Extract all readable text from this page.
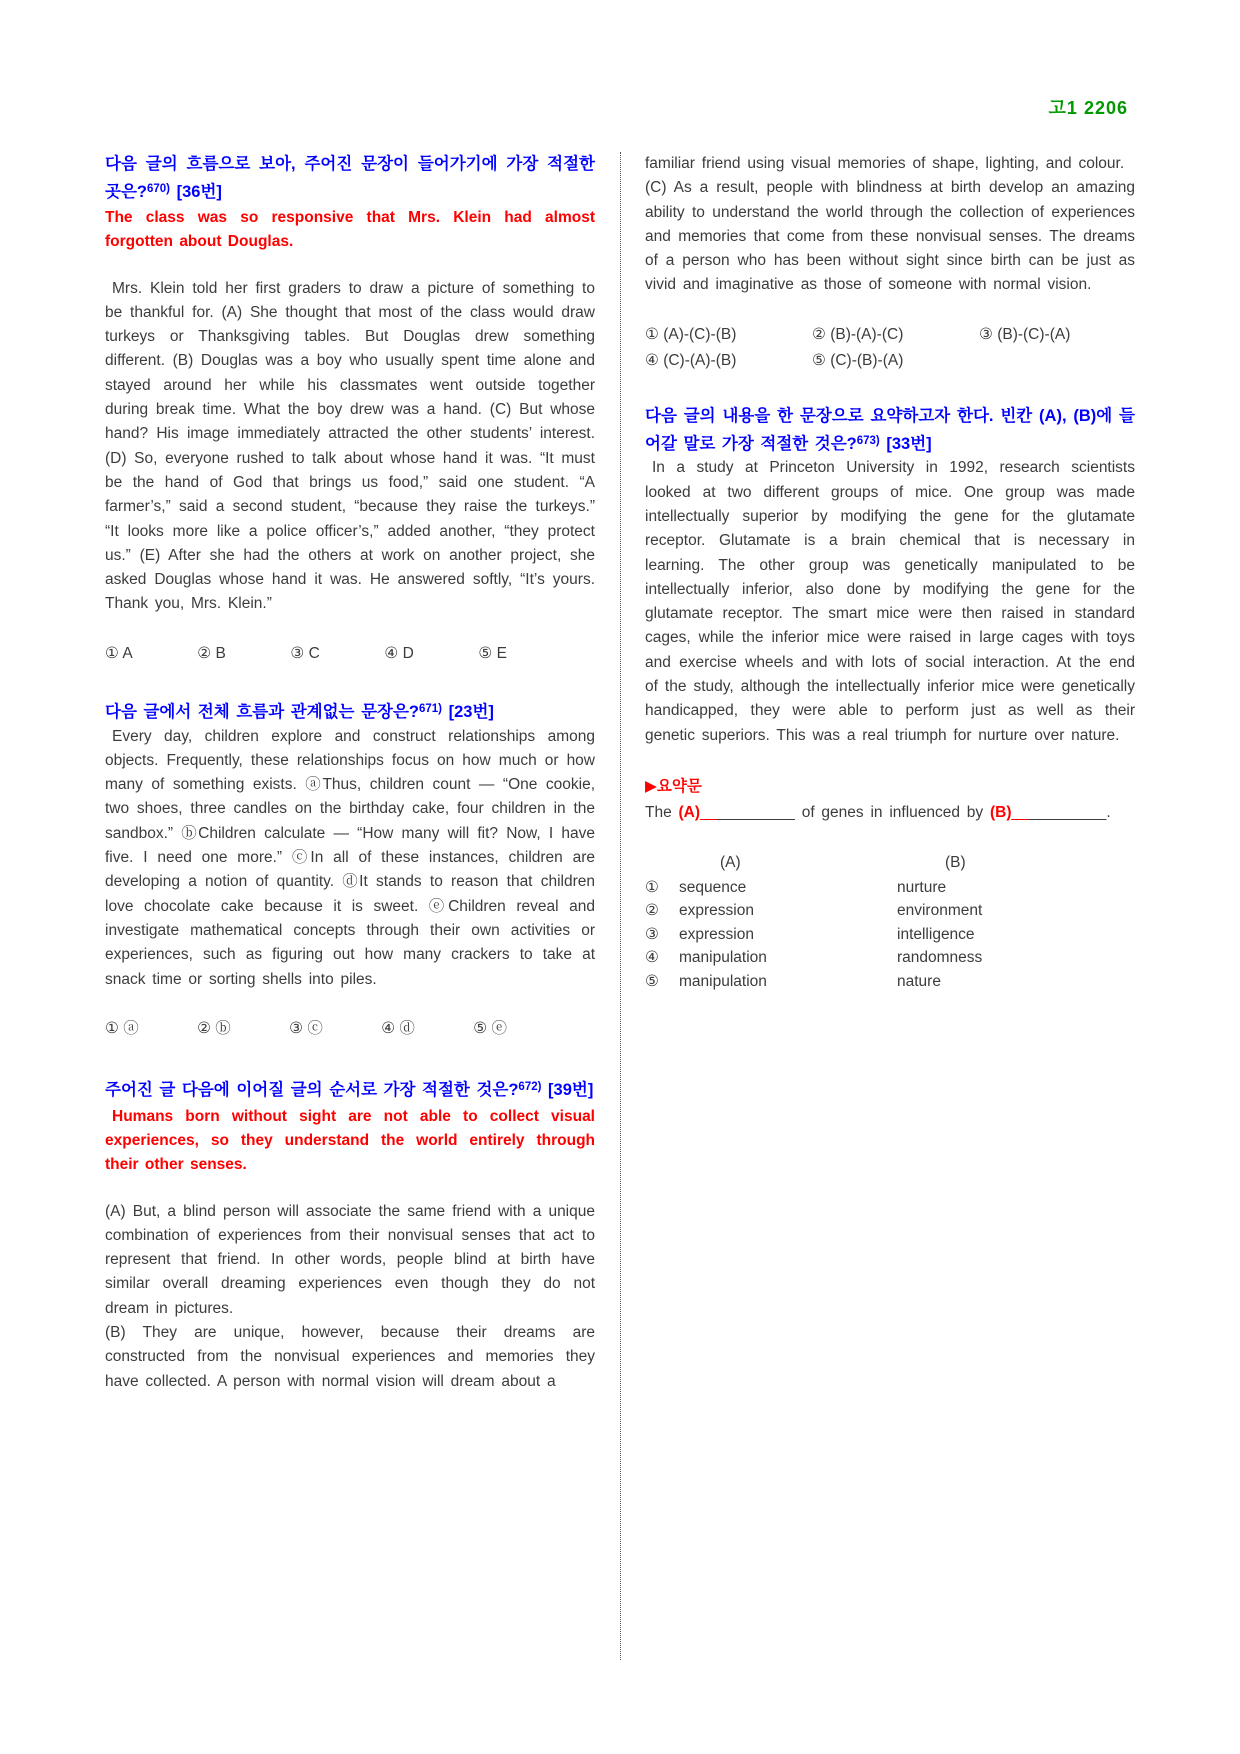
고1 2206
다음 글의 흐름으로 보아, 주어진 문장이 들어가기에 가장 적절한 곳은?$^{670)}$ [36번]
The class was so responsive that Mrs. Klein had almost forgotten about Douglas.
Mrs. Klein told her first graders to draw a picture of something to be thankful for. (A) She thought that most of the class would draw turkeys or Thanksgiving tables. But Douglas drew something different. (B) Douglas was a boy who usually spent time alone and stayed around her while his classmates went outside together during break time. What the boy drew was a hand. (C) But whose hand? His image immediately attracted the other students’ interest. (D) So, everyone rushed to talk about whose hand it was. “It must be the hand of God that brings us food,” said one student. “A farmer’s,” said a second student, “because they raise the turkeys.” “It looks more like a police officer’s,” added another, “they protect us.” (E) After she had the others at work on another project, she asked Douglas whose hand it was. He answered softly, “It’s yours. Thank you, Mrs. Klein.”
① A	② B	③ C	④ D	⑤ E
다음 글에서 전체 흐름과 관계없는 문장은?$^{671)}$ [23번]
Every day, children explore and construct relationships among objects. Frequently, these relationships focus on how much or how many of something exists. ⓐThus, children count — “One cookie, two shoes, three candles on the birthday cake, four children in the sandbox.” ⓑChildren calculate — “How many will fit? Now, I have five. I need one more.” ⓒIn all of these instances, children are developing a notion of quantity. ⓓIt stands to reason that children love chocolate cake because it is sweet. ⓔChildren reveal and investigate mathematical concepts through their own activities or experiences, such as figuring out how many crackers to take at snack time or sorting shells into piles.
① ⓐ	② ⓑ	③ ⓒ	④ ⓓ	⑤ ⓔ
주어진 글 다음에 이어질 글의 순서로 가장 적절한 것은?$^{672)}$ [39번]
Humans born without sight are not able to collect visual experiences, so they understand the world entirely through their other senses.
(A) But, a blind person will associate the same friend with a unique combination of experiences from their nonvisual senses that act to represent that friend. In other words, people blind at birth have similar overall dreaming experiences even though they do not dream in pictures.
(B) They are unique, however, because their dreams are constructed from the nonvisual experiences and memories they have collected. A person with normal vision will dream about a
familiar friend using visual memories of shape, lighting, and colour.
(C) As a result, people with blindness at birth develop an amazing ability to understand the world through the collection of experiences and memories that come from these nonvisual senses. The dreams of a person who has been without sight since birth can be just as vivid and imaginative as those of someone with normal vision.
① (A)-(C)-(B)	② (B)-(A)-(C)	③ (B)-(C)-(A)
④ (C)-(A)-(B)	⑤ (C)-(B)-(A)
다음 글의 내용을 한 문장으로 요약하고자 한다. 빈칸 (A), (B)에 들어갈 말로 가장 적절한 것은?$^{673)}$ [33번]
In a study at Princeton University in 1992, research scientists looked at two different groups of mice. One group was made intellectually superior by modifying the gene for the glutamate receptor. Glutamate is a brain chemical that is necessary in learning. The other group was genetically manipulated to be intellectually inferior, also done by modifying the gene for the glutamate receptor. The smart mice were then raised in standard cages, while the inferior mice were raised in large cages with toys and exercise wheels and with lots of social interaction. At the end of the study, although the intellectually inferior mice were genetically handicapped, they were able to perform just as well as their genetic superiors. This was a real triumph for nurture over nature.
▶요약문
The (A)___________ of genes in influenced by (B)___________.
(A)	(B)
①	sequence	nurture
②	expression	environment
③	expression	intelligence
④	manipulation	randomness
⑤	manipulation	nature
